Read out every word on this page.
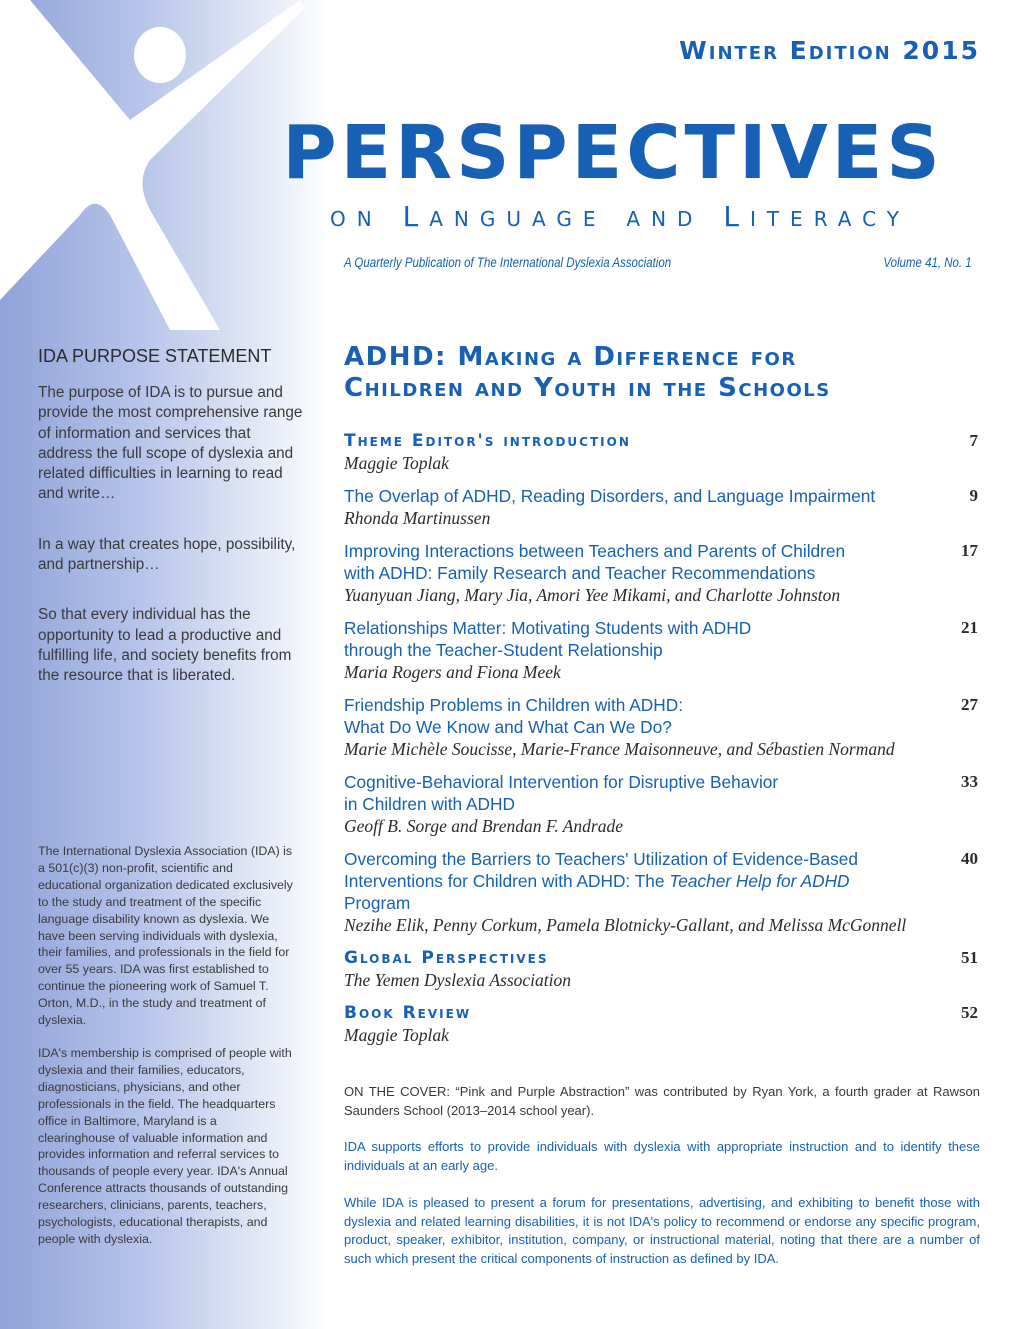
Winter Edition 2015
PERSPECTIVES
on Language and Literacy
A Quarterly Publication of The International Dyslexia Association	Volume 41, No. 1
IDA PURPOSE STATEMENT

The purpose of IDA is to pursue and provide the most comprehensive range of information and services that address the full scope of dyslexia and related difficulties in learning to read and write…

In a way that creates hope, possibility, and partnership…

So that every individual has the opportunity to lead a productive and fulfilling life, and society benefits from the resource that is liberated.

The International Dyslexia Association (IDA) is a 501(c)(3) non-profit, scientific and educational organization dedicated exclusively to the study and treatment of the specific language disability known as dyslexia. We have been serving individuals with dyslexia, their families, and professionals in the field for over 55 years. IDA was first established to continue the pioneering work of Samuel T. Orton, M.D., in the study and treatment of dyslexia.

IDA's membership is comprised of people with dyslexia and their families, educators, diagnosticians, physicians, and other professionals in the field. The headquarters office in Baltimore, Maryland is a clearinghouse of valuable information and provides information and referral services to thousands of people every year. IDA's Annual Conference attracts thousands of outstanding researchers, clinicians, parents, teachers, psychologists, educational therapists, and people with dyslexia.

ADHD: Making a Difference for
Children and Youth in the Schools
Theme Editor's introduction
Maggie Toplak
7
The Overlap of ADHD, Reading Disorders, and Language Impairment
Rhonda Martinussen
9
Improving Interactions between Teachers and Parents of Children
with ADHD: Family Research and Teacher Recommendations
Yuanyuan Jiang, Mary Jia, Amori Yee Mikami, and Charlotte Johnston
17
Relationships Matter: Motivating Students with ADHD
through the Teacher-Student Relationship
Maria Rogers and Fiona Meek
21
Friendship Problems in Children with ADHD:
What Do We Know and What Can We Do?
Marie Michèle Soucisse, Marie-France Maisonneuve, and Sébastien Normand
27
Cognitive-Behavioral Intervention for Disruptive Behavior
in Children with ADHD
Geoff B. Sorge and Brendan F. Andrade
33
Overcoming the Barriers to Teachers' Utilization of Evidence-Based
Interventions for Children with ADHD: The Teacher Help for ADHD Program
Nezihe Elik, Penny Corkum, Pamela Blotnicky-Gallant, and Melissa McGonnell
40
Global Perspectives
The Yemen Dyslexia Association
51
Book Review
Maggie Toplak
52

ON THE COVER: “Pink and Purple Abstraction” was contributed by Ryan York, a fourth grader at Rawson Saunders School (2013–2014 school year).

IDA supports efforts to provide individuals with dyslexia with appropriate instruction and to identify these individuals at an early age.

While IDA is pleased to present a forum for presentations, advertising, and exhibiting to benefit those with dyslexia and related learning disabilities, it is not IDA's policy to recommend or endorse any specific program, product, speaker, exhibitor, institution, company, or instructional material, noting that there are a number of such which present the critical components of instruction as defined by IDA.
